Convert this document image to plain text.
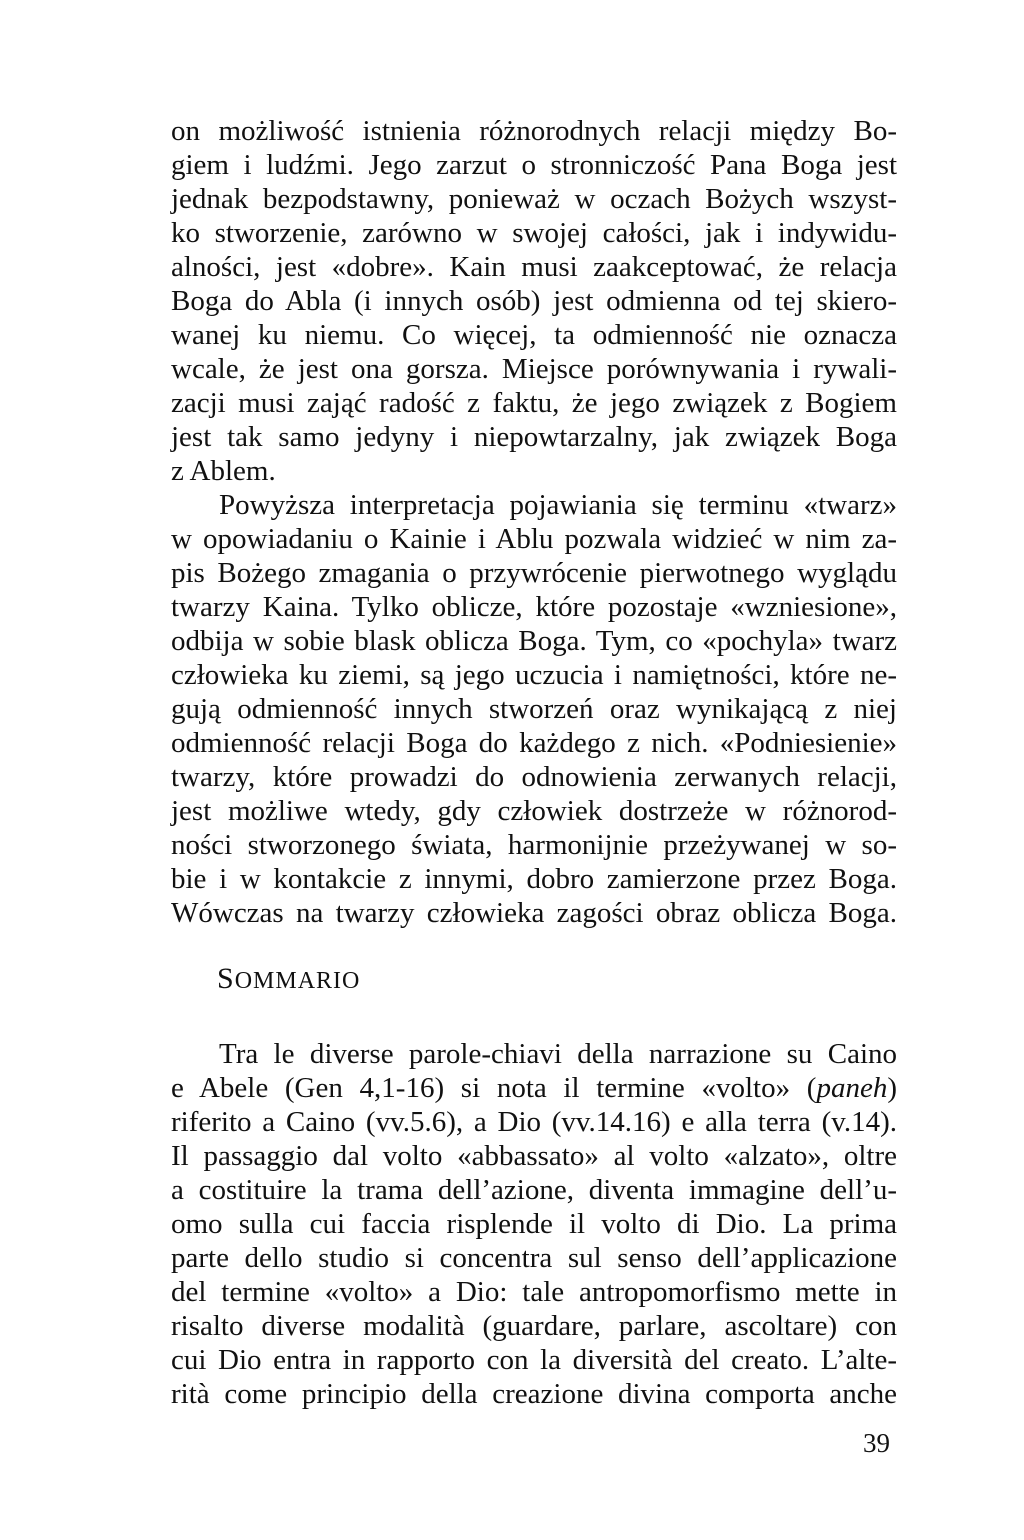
on możliwość istnienia różnorodnych relacji między Bo-
giem i ludźmi. Jego zarzut o stronniczość Pana Boga jest
jednak bezpodstawny, ponieważ w oczach Bożych wszyst-
ko stworzenie, zarówno w swojej całości, jak i indywidu-
alności, jest «dobre». Kain musi zaakceptować, że relacja
Boga do Abla (i innych osób) jest odmienna od tej skiero-
wanej ku niemu. Co więcej, ta odmienność nie oznacza
wcale, że jest ona gorsza. Miejsce porównywania i rywali-
zacji musi zająć radość z faktu, że jego związek z Bogiem
jest tak samo jedyny i niepowtarzalny, jak związek Boga
z Ablem.
Powyższa interpretacja pojawiania się terminu «twarz»
w opowiadaniu o Kainie i Ablu pozwala widzieć w nim za-
pis Bożego zmagania o przywrócenie pierwotnego wyglądu
twarzy Kaina. Tylko oblicze, które pozostaje «wzniesione»,
odbija w sobie blask oblicza Boga. Tym, co «pochyla» twarz
człowieka ku ziemi, są jego uczucia i namiętności, które ne-
gują odmienność innych stworzeń oraz wynikającą z niej
odmienność relacji Boga do każdego z nich. «Podniesienie»
twarzy, które prowadzi do odnowienia zerwanych relacji,
jest możliwe wtedy, gdy człowiek dostrzeże w różnorod-
ności stworzonego świata, harmonijnie przeżywanej w so-
bie i w kontakcie z innymi, dobro zamierzone przez Boga.
Wówczas na twarzy człowieka zagości obraz oblicza Boga.
SOMMARIO
Tra le diverse parole-chiavi della narrazione su Caino
e Abele (Gen 4,1-16) si nota il termine «volto» (paneh)
riferito a Caino (vv.5.6), a Dio (vv.14.16) e alla terra (v.14).
Il passaggio dal volto «abbassato» al volto «alzato», oltre
a costituire la trama dell’azione, diventa immagine dell’u-
omo sulla cui faccia risplende il volto di Dio. La prima
parte dello studio si concentra sul senso dell’applicazione
del termine «volto» a Dio: tale antropomorfismo mette in
risalto diverse modalità (guardare, parlare, ascoltare) con
cui Dio entra in rapporto con la diversità del creato. L’alte-
rità come principio della creazione divina comporta anche
39
